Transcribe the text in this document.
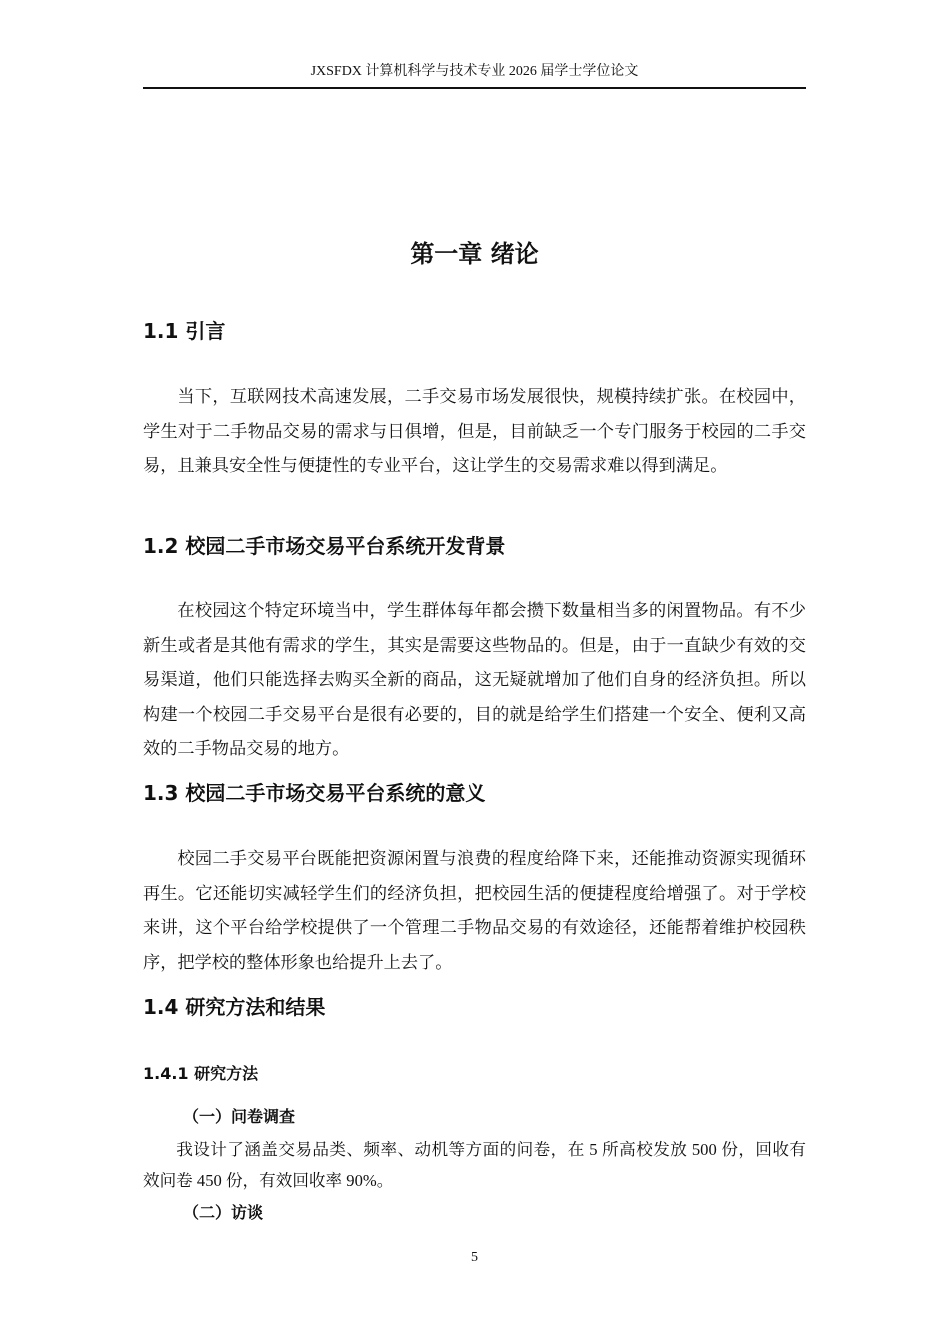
JXSFDX 计算机科学与技术专业 2026 届学士学位论文
第一章 绪论
1.1 引言

当下，互联网技术高速发展，二手交易市场发展很快，规模持续扩张。在校园中，学生对于二手物品交易的需求与日俱增，但是，目前缺乏一个专门服务于校园的二手交易，且兼具安全性与便捷性的专业平台，这让学生的交易需求难以得到满足。

1.2 校园二手市场交易平台系统开发背景

在校园这个特定环境当中，学生群体每年都会攒下数量相当多的闲置物品。有不少新生或者是其他有需求的学生，其实是需要这些物品的。但是，由于一直缺少有效的交易渠道，他们只能选择去购买全新的商品，这无疑就增加了他们自身的经济负担。所以构建一个校园二手交易平台是很有必要的，目的就是给学生们搭建一个安全、便利又高效的二手物品交易的地方。

1.3 校园二手市场交易平台系统的意义

校园二手交易平台既能把资源闲置与浪费的程度给降下来，还能推动资源实现循环再生。它还能切实减轻学生们的经济负担，把校园生活的便捷程度给增强了。对于学校来讲，这个平台给学校提供了一个管理二手物品交易的有效途径，还能帮着维护校园秩序，把学校的整体形象也给提升上去了。

1.4 研究方法和结果
1.4.1 研究方法
（一）问卷调查

我设计了涵盖交易品类、频率、动机等方面的问卷，在 5 所高校发放 500 份，回收有效问卷 450 份，有效回收率 90%。

（二）访谈
5
